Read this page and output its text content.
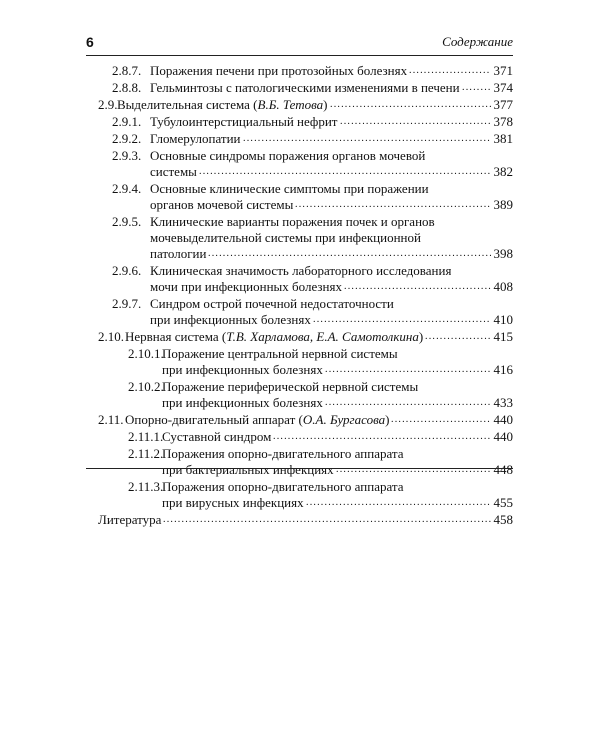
6	Содержание
2.8.7. Поражения печени при протозойных болезнях .....	371
2.8.8. Гельминтозы с патологическими изменениями в печени .....	374
2.9. Выделительная система (В.Б. Тетова) .....	377
2.9.1. Тубулоинтерстициальный нефрит .....	378
2.9.2. Гломерулопатии .....	381
2.9.3. Основные синдромы поражения органов мочевой
системы .....	382
2.9.4. Основные клинические симптомы при поражении
органов мочевой системы .....	389
2.9.5. Клинические варианты поражения почек и органов
мочевыделительной системы при инфекционной
патологии .....	398
2.9.6. Клиническая значимость лабораторного исследования
мочи при инфекционных болезнях .....	408
2.9.7. Синдром острой почечной недостаточности
при инфекционных болезнях .....	410
2.10. Нервная система (Т.В. Харламова, Е.А. Самотолкина) .....	415
2.10.1.
Поражение центральной нервной системы
при инфекционных болезнях .....	416
2.10.2.
Поражение периферической нервной системы
при инфекционных болезнях .....	433
2.11. Опорно-двигательный аппарат (О.А. Бургасова) .....	440
2.11.1.
Суставной синдром .....	440
2.11.2.
Поражения опорно-двигательного аппарата
при бактериальных инфекциях .....	448
2.11.3.
Поражения опорно-двигательного аппарата
при вирусных инфекциях .....	455
Литература .....	458
